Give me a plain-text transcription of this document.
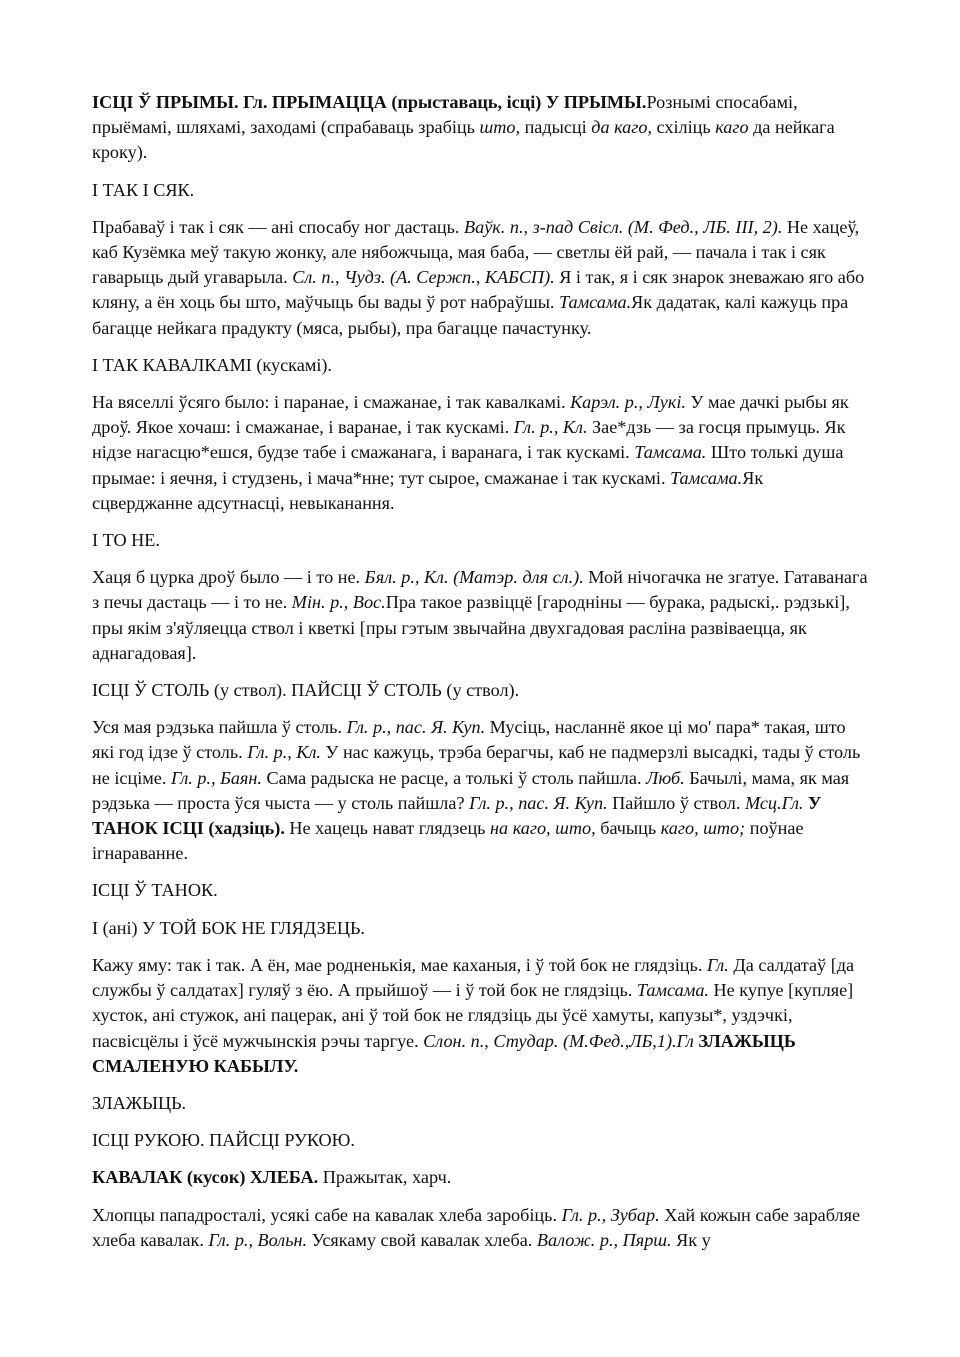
ІСЦІ Ў ПРЫМЫ. Гл. ПРЫМАЦЦА (прыставаць, ісці) У ПРЫМЫ.Рознымі спосабамі, прыёмамі, шляхамі, заходамі (спрабаваць зрабіць што, падысці да каго, схіліць каго да нейкага кроку).

І ТАК І СЯК.

Прабаваў і так і сяк — ані спосабу ног дастаць. Ваўк. п., з-пад Свісл. (М. Фед., ЛБ. III, 2). Не хацеў, каб Кузёмка меў такую жонку, але нябожчыца, мая баба, — светлы ёй рай, — пачала і так і сяк гаварыць дый угаварыла. Сл. п., Чудз. (А. Сержп., КАБСП). Я і так, я і сяк знарок зневажаю яго або кляну, а ён хоць бы што, маўчыць бы вады ў рот набраўшы. Тамсама.Як дадатак, калі кажуць пра багацце нейкага прадукту (мяса, рыбы), пра багацце пачастунку.

І ТАК КАВАЛКАМІ (кускамі).

На вяселлі ўсяго было: і паранае, і смажанае, і так кавалкамі. Карэл. р., Лукі. У мае дачкі рыбы як дроў. Якое хочаш: і смажанае, і варанае, і так кускамі. Гл. р., Кл. Зае*дзь — за госця прымуць. Як нідзе нагасцю*ешся, будзе табе і смажанага, і варанага, і так кускамі. Тамсама. Што толькі душа прымае: і яечня, і студзень, і мача*нне; тут сырое, смажанае і так кускамі. Тамсама.Як сцверджанне адсутнасці, невыканання.

І ТО НЕ.

Хаця б цурка дроў было — і то не. Бял. р., Кл. (Матэр. для сл.). Мой нічогачка не згатуе. Гатаванага з печы дастаць — і то не. Мін. р., Вос.Пра такое развіццё [гароднiны — бурака, радыскі,. рэдзькі], пры якім з'яўляецца ствол і кветкі [пры гэтым звычайна двухгадовая расліна развіваецца, як аднагадовая].

ІСЦІ Ў СТОЛЬ (у ствол). ПАЙСЦІ Ў СТОЛЬ (у ствол).

Уся мая рэдзька пайшла ў столь. Гл. р., пас. Я. Куп. Мусіць, насланнё якое ці мо' пара* такая, што які год ідзе ў столь. Гл. р., Кл. У нас кажуць, трэба берагчы, каб не падмерзлі высадкі, тады ў столь не ісціме. Гл. р., Баян. Сама радыска не расце, а толькі ў столь пайшла. Люб. Бачылі, мама, як мая рэдзька — проста ўся чыста — у столь пайшла? Гл. р., пас. Я. Куп. Пайшло ў ствол. Мсц.Гл. У ТАНОК ІСЦІ (хадзіць). Не хацець нават глядзець на каго, што, бачыць каго, што; поўнае ігнараванне.

ІСЦІ Ў ТАНОК.

І (ані) У ТОЙ БОК НЕ ГЛЯДЗЕЦЬ.

Кажу яму: так і так. А ён, мае родненькія, мае каханыя, і ў той бок не глядзіць. Гл. Да салдатаў [да службы ў салдатах] гуляў з ёю. А прыйшоў — і ў той бок не глядзіць. Тамсама. Не купуе [купляе] хусток, ані стужок, ані пацерак, ані ў той бок не глядзіць ды ўсё хамуты, капузы*, уздэчкі, пасвісцёлы і ўсё мужчынскія рэчы таргуе. Слон. п., Студар. (М.Фед.,ЛБ,1).Гл ЗЛАЖЫЦЬ СМАЛЕНУЮ КАБЫЛУ.

ЗЛАЖЫЦЬ.

ІСЦІ РУКОЮ. ПАЙСЦІ РУКОЮ.

КАВАЛАК (кусок) ХЛЕБА. Пражытак, харч.

Хлопцы пападросталі, усякі сабе на кавалак хлеба заробіць. Гл. р., Зубар. Хай кожын сабе зарабляе хлеба кавалак. Гл. р., Вольн. Усякаму свой кавалак хлеба. Валож. р., Пярш. Як у
